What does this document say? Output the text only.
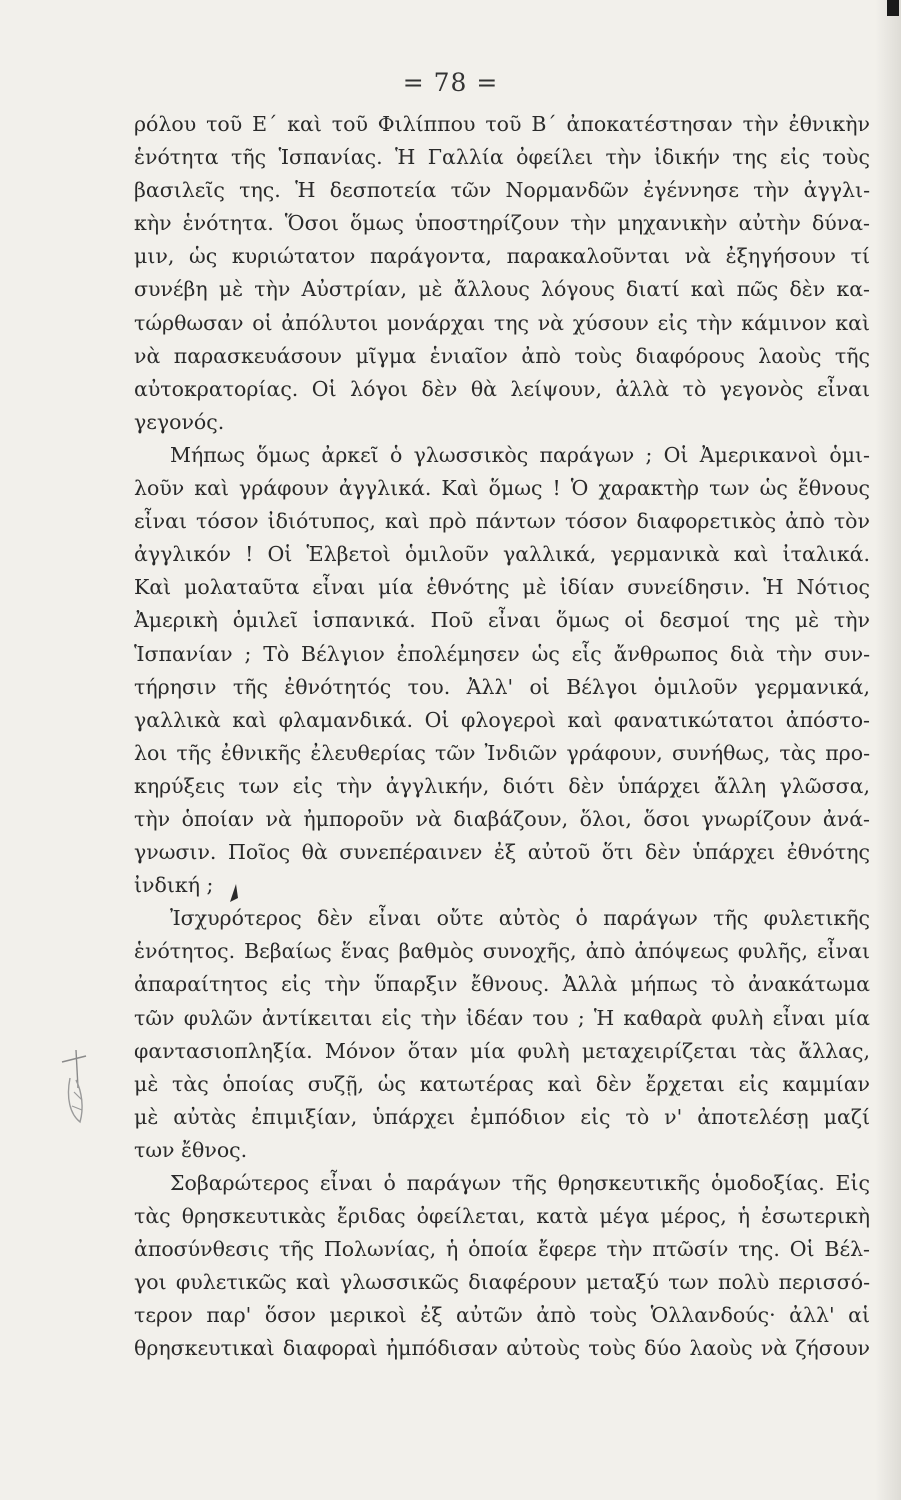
= 78 =
ρόλου τοῦ Ε΄ καὶ τοῦ Φιλίππου τοῦ Β΄ ἀποκατέστησαν τὴν ἐθνικὴν
ἑνότητα τῆς Ἱσπανίας. Ἡ Γαλλία ὀφείλει τὴν ἰδικήν της εἰς τοὺς
βασιλεῖς της. Ἡ δεσποτεία τῶν Νορμανδῶν ἐγέννησε τὴν ἀγγλι-
κὴν ἑνότητα. Ὅσοι ὅμως ὑποστηρίζουν τὴν μηχανικὴν αὐτὴν δύνα-
μιν, ὡς κυριώτατον παράγοντα, παρακαλοῦνται νὰ ἐξηγήσουν τί
συνέβη μὲ τὴν Αὐστρίαν, μὲ ἄλλους λόγους διατί καὶ πῶς δὲν κα-
τώρθωσαν οἱ ἀπόλυτοι μονάρχαι της νὰ χύσουν εἰς τὴν κάμινον καὶ
νὰ παρασκευάσουν μῖγμα ἑνιαῖον ἀπὸ τοὺς διαφόρους λαοὺς τῆς
αὐτοκρατορίας. Οἱ λόγοι δὲν θὰ λείψουν, ἀλλὰ τὸ γεγονὸς εἶναι
γεγονός.
Μήπως ὅμως ἀρκεῖ ὁ γλωσσικὸς παράγων ; Οἱ Ἀμερικανοὶ ὁμι-
λοῦν καὶ γράφουν ἀγγλικά. Καὶ ὅμως ! Ὁ χαρακτὴρ των ὡς ἔθνους
εἶναι τόσον ἰδιότυπος, καὶ πρὸ πάντων τόσον διαφορετικὸς ἀπὸ τὸν
ἀγγλικόν ! Οἱ Ἑλβετοὶ ὁμιλοῦν γαλλικά, γερμανικὰ καὶ ἰταλικά.
Καὶ μολαταῦτα εἶναι μία ἑθνότης μὲ ἰδίαν συνείδησιν. Ἡ Νότιος
Ἀμερικὴ ὁμιλεῖ ἱσπανικά. Ποῦ εἶναι ὅμως οἱ δεσμοί της μὲ τὴν
Ἱσπανίαν ; Τὸ Βέλγιον ἐπολέμησεν ὡς εἷς ἄνθρωπος διὰ τὴν συν-
τήρησιν τῆς ἐθνότητός του. Ἀλλ' οἱ Βέλγοι ὁμιλοῦν γερμανικά,
γαλλικὰ καὶ φλαμανδικά. Οἱ φλογεροὶ καὶ φανατικώτατοι ἀπόστο-
λοι τῆς ἐθνικῆς ἐλευθερίας τῶν Ἰνδιῶν γράφουν, συνήθως, τὰς προ-
κηρύξεις των εἰς τὴν ἀγγλικήν, διότι δὲν ὑπάρχει ἄλλη γλῶσσα,
τὴν ὁποίαν νὰ ἠμποροῦν νὰ διαβάζουν, ὅλοι, ὅσοι γνωρίζουν ἀνά-
γνωσιν. Ποῖος θὰ συνεπέραινεν ἐξ αὐτοῦ ὅτι δὲν ὑπάρχει ἐθνότης
ἰνδική ;
Ἰσχυρότερος δὲν εἶναι οὔτε αὐτὸς ὁ παράγων τῆς φυλετικῆς
ἑνότητος. Βεβαίως ἕνας βαθμὸς συνοχῆς, ἀπὸ ἀπόψεως φυλῆς, εἶναι
ἀπαραίτητος εἰς τὴν ὕπαρξιν ἔθνους. Ἀλλὰ μήπως τὸ ἀνακάτωμα
τῶν φυλῶν ἀντίκειται εἰς τὴν ἰδέαν του ; Ἡ καθαρὰ φυλὴ εἶναι μία
φαντασιοπληξία. Μόνον ὅταν μία φυλὴ μεταχειρίζεται τὰς ἄλλας,
μὲ τὰς ὁποίας συζῇ, ὡς κατωτέρας καὶ δὲν ἔρχεται εἰς καμμίαν
μὲ αὐτὰς ἐπιμιξίαν, ὑπάρχει ἐμπόδιον εἰς τὸ ν' ἀποτελέσῃ μαζί
των ἔθνος.
Σοβαρώτερος εἶναι ὁ παράγων τῆς θρησκευτικῆς ὁμοδοξίας. Εἰς
τὰς θρησκευτικὰς ἔριδας ὀφείλεται, κατὰ μέγα μέρος, ἡ ἐσωτερικὴ
ἀποσύνθεσις τῆς Πολωνίας, ἡ ὁποία ἔφερε τὴν πτῶσίν της. Οἱ Βέλ-
γοι φυλετικῶς καὶ γλωσσικῶς διαφέρουν μεταξύ των πολὺ περισσό-
τερον παρ' ὅσον μερικοὶ ἐξ αὐτῶν ἀπὸ τοὺς Ὁλλανδούς· ἀλλ' αἱ
θρησκευτικαὶ διαφοραὶ ἠμπόδισαν αὐτοὺς τοὺς δύο λαοὺς νὰ ζήσουν
